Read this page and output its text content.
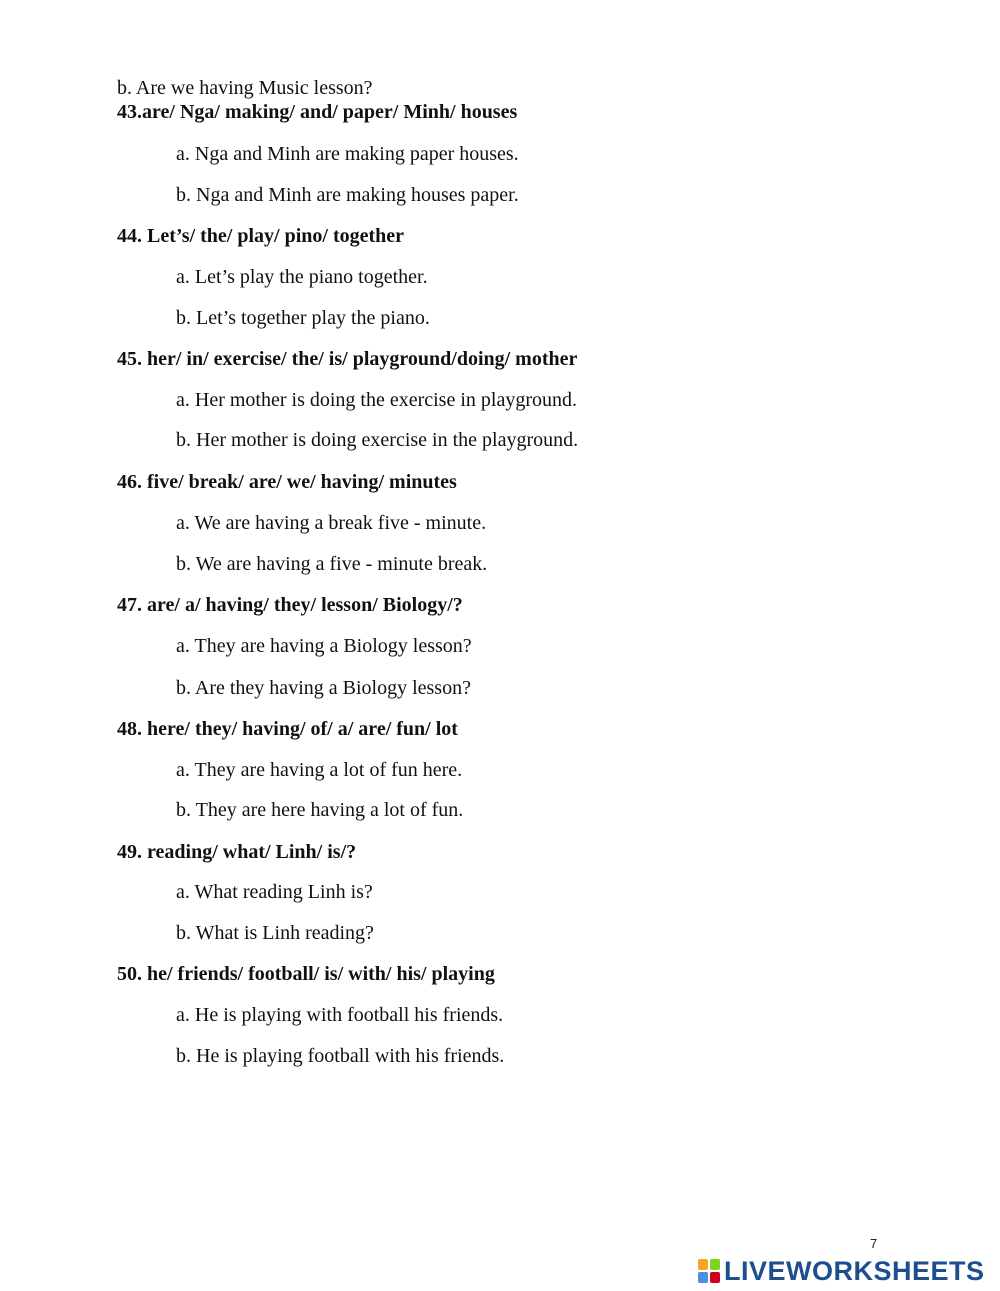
b. Are we having Music lesson?
43.are/ Nga/ making/ and/ paper/ Minh/ houses
a. Nga and Minh are making paper houses.
b. Nga and Minh are making houses paper.
44. Let’s/ the/ play/ pino/ together
a. Let’s play the piano together.
b. Let’s together play the piano.
45. her/ in/ exercise/ the/ is/ playground/doing/ mother
a. Her mother is doing the exercise in playground.
b. Her mother is doing exercise in the playground.
46. five/ break/ are/ we/ having/ minutes
a. We are having a break five - minute.
b. We are having a five - minute break.
47. are/ a/ having/ they/ lesson/ Biology/?
a. They are having a Biology lesson?
b. Are they having a Biology lesson?
48. here/ they/ having/ of/ a/ are/ fun/ lot
a. They are having a lot of fun here.
b. They are here having a lot of fun.
49. reading/ what/ Linh/ is/?
a. What reading Linh is?
b. What is Linh reading?
50. he/ friends/ football/ is/ with/ his/ playing
a. He is playing with football his friends.
b. He is playing football with his friends.
7
LIVEWORKSHEETS
